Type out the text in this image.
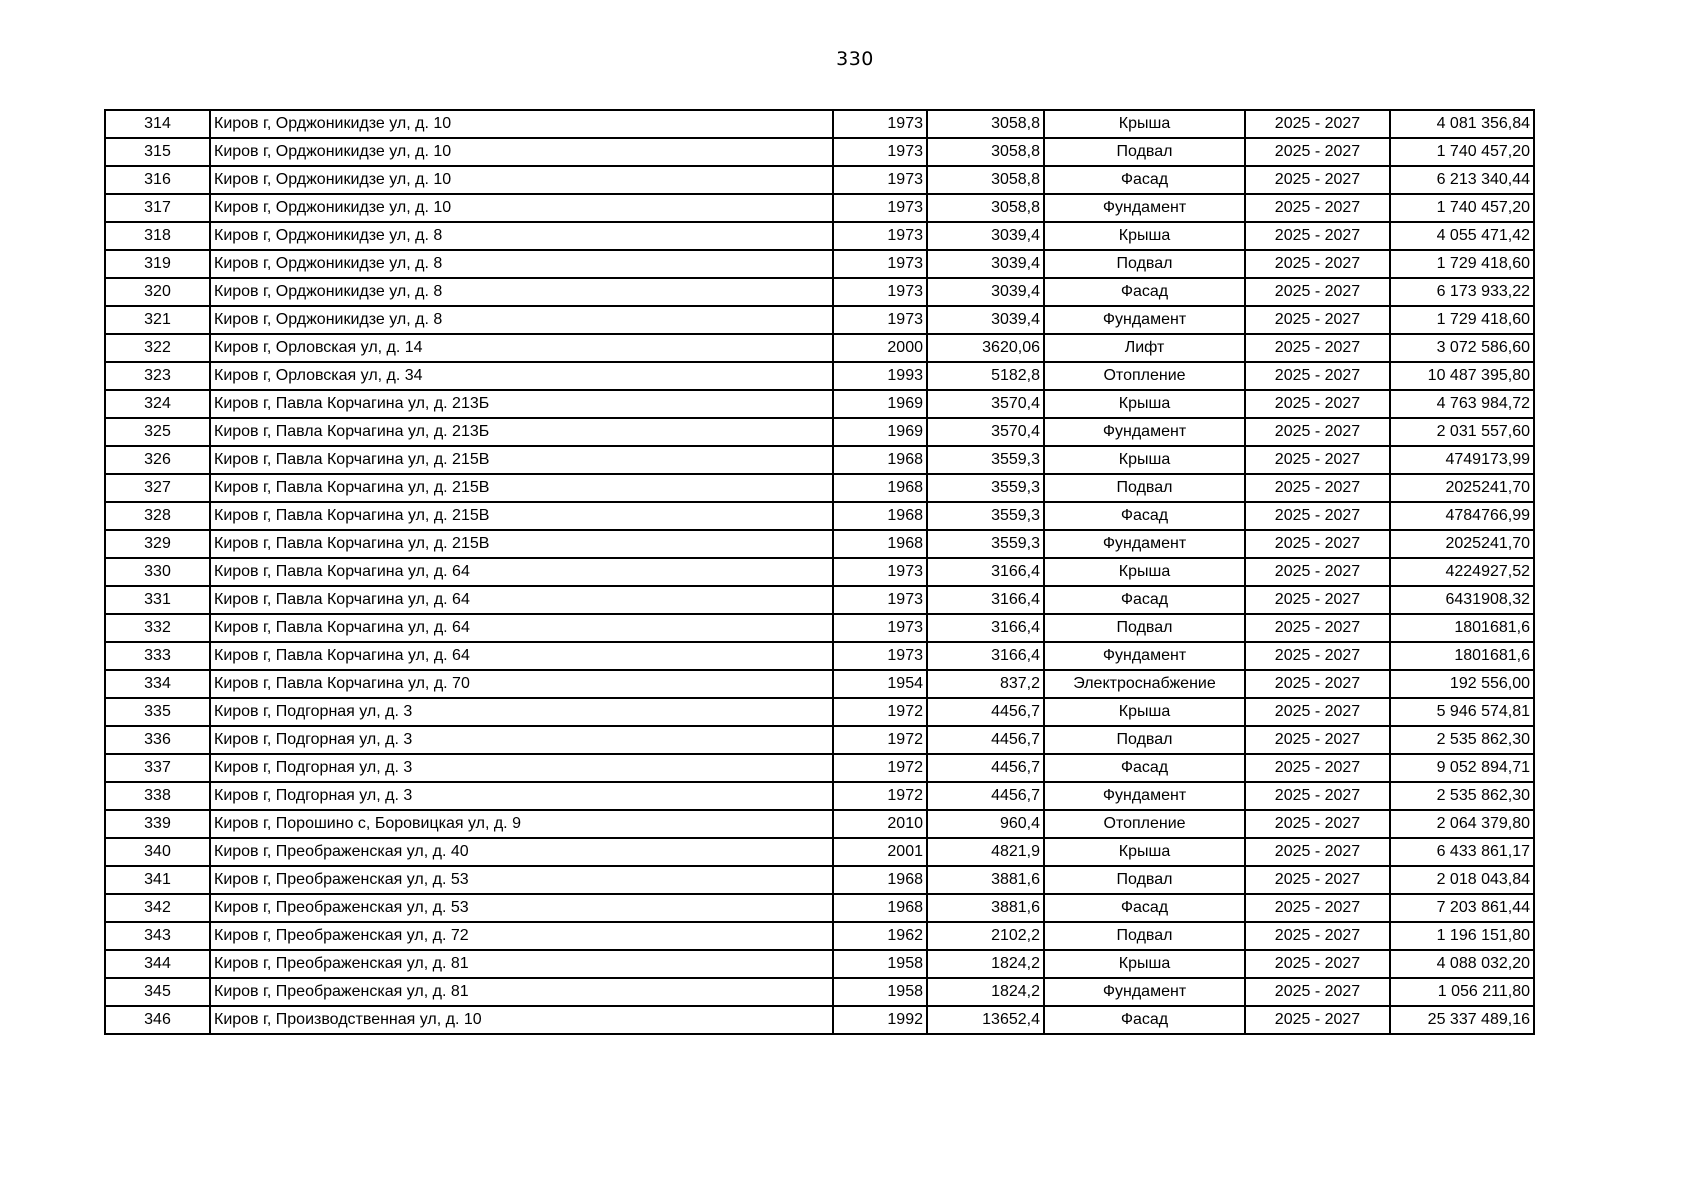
330
314	Киров г, Орджоникидзе ул, д. 10	1973	3058,8	Крыша	2025 - 2027	4 081 356,84
315	Киров г, Орджоникидзе ул, д. 10	1973	3058,8	Подвал	2025 - 2027	1 740 457,20
316	Киров г, Орджоникидзе ул, д. 10	1973	3058,8	Фасад	2025 - 2027	6 213 340,44
317	Киров г, Орджоникидзе ул, д. 10	1973	3058,8	Фундамент	2025 - 2027	1 740 457,20
318	Киров г, Орджоникидзе ул, д. 8	1973	3039,4	Крыша	2025 - 2027	4 055 471,42
319	Киров г, Орджоникидзе ул, д. 8	1973	3039,4	Подвал	2025 - 2027	1 729 418,60
320	Киров г, Орджоникидзе ул, д. 8	1973	3039,4	Фасад	2025 - 2027	6 173 933,22
321	Киров г, Орджоникидзе ул, д. 8	1973	3039,4	Фундамент	2025 - 2027	1 729 418,60
322	Киров г, Орловская ул, д. 14	2000	3620,06	Лифт	2025 - 2027	3 072 586,60
323	Киров г, Орловская ул, д. 34	1993	5182,8	Отопление	2025 - 2027	10 487 395,80
324	Киров г, Павла Корчагина ул, д. 213Б	1969	3570,4	Крыша	2025 - 2027	4 763 984,72
325	Киров г, Павла Корчагина ул, д. 213Б	1969	3570,4	Фундамент	2025 - 2027	2 031 557,60
326	Киров г, Павла Корчагина ул, д. 215В	1968	3559,3	Крыша	2025 - 2027	4749173,99
327	Киров г, Павла Корчагина ул, д. 215В	1968	3559,3	Подвал	2025 - 2027	2025241,70
328	Киров г, Павла Корчагина ул, д. 215В	1968	3559,3	Фасад	2025 - 2027	4784766,99
329	Киров г, Павла Корчагина ул, д. 215В	1968	3559,3	Фундамент	2025 - 2027	2025241,70
330	Киров г, Павла Корчагина ул, д. 64	1973	3166,4	Крыша	2025 - 2027	4224927,52
331	Киров г, Павла Корчагина ул, д. 64	1973	3166,4	Фасад	2025 - 2027	6431908,32
332	Киров г, Павла Корчагина ул, д. 64	1973	3166,4	Подвал	2025 - 2027	1801681,6
333	Киров г, Павла Корчагина ул, д. 64	1973	3166,4	Фундамент	2025 - 2027	1801681,6
334	Киров г, Павла Корчагина ул, д. 70	1954	837,2	Электроснабжение	2025 - 2027	192 556,00
335	Киров г, Подгорная ул, д. 3	1972	4456,7	Крыша	2025 - 2027	5 946 574,81
336	Киров г, Подгорная ул, д. 3	1972	4456,7	Подвал	2025 - 2027	2 535 862,30
337	Киров г, Подгорная ул, д. 3	1972	4456,7	Фасад	2025 - 2027	9 052 894,71
338	Киров г, Подгорная ул, д. 3	1972	4456,7	Фундамент	2025 - 2027	2 535 862,30
339	Киров г, Порошино с, Боровицкая ул, д. 9	2010	960,4	Отопление	2025 - 2027	2 064 379,80
340	Киров г, Преображенская ул, д. 40	2001	4821,9	Крыша	2025 - 2027	6 433 861,17
341	Киров г, Преображенская ул, д. 53	1968	3881,6	Подвал	2025 - 2027	2 018 043,84
342	Киров г, Преображенская ул, д. 53	1968	3881,6	Фасад	2025 - 2027	7 203 861,44
343	Киров г, Преображенская ул, д. 72	1962	2102,2	Подвал	2025 - 2027	1 196 151,80
344	Киров г, Преображенская ул, д. 81	1958	1824,2	Крыша	2025 - 2027	4 088 032,20
345	Киров г, Преображенская ул, д. 81	1958	1824,2	Фундамент	2025 - 2027	1 056 211,80
346	Киров г, Производственная ул, д. 10	1992	13652,4	Фасад	2025 - 2027	25 337 489,16
